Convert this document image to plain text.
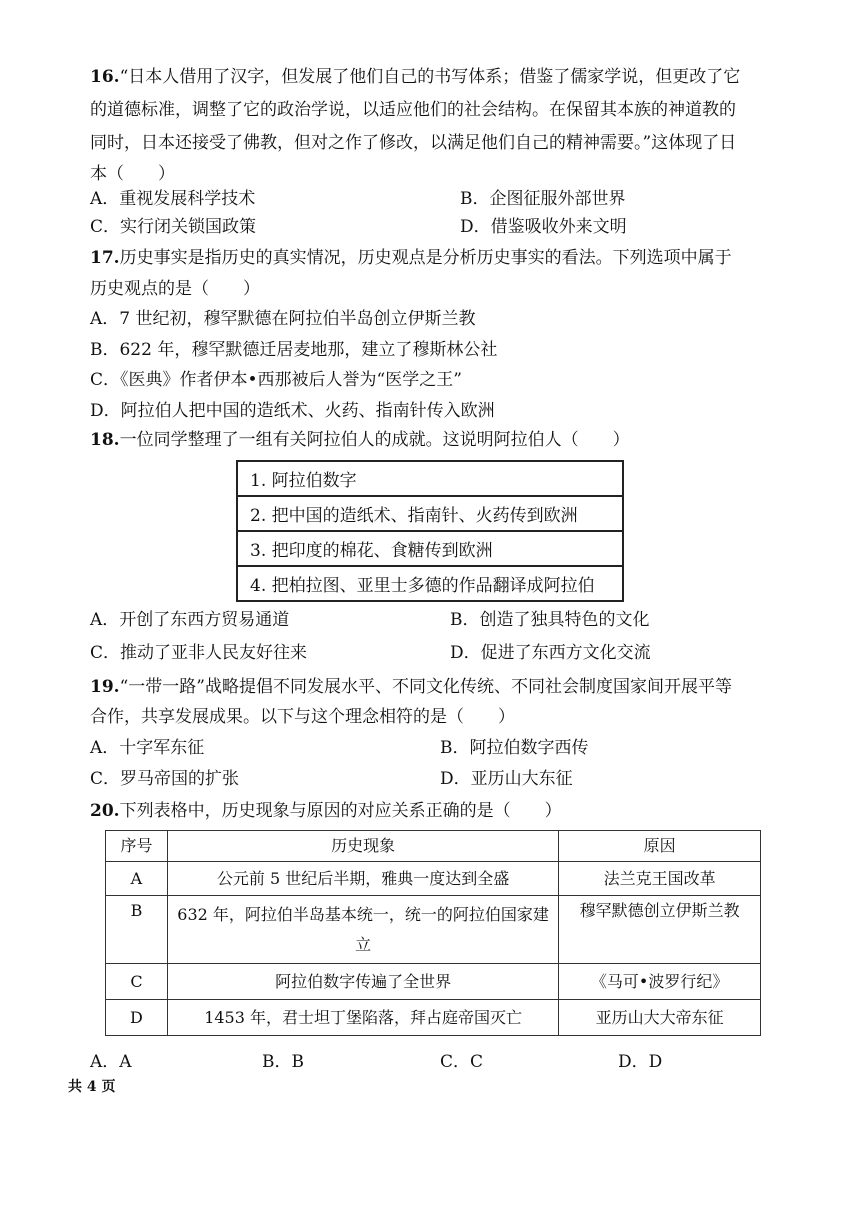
16.“日本人借用了汉字，但发展了他们自己的书写体系；借鉴了儒家学说，但更改了它
的道德标准，调整了它的政治学说，以适应他们的社会结构。在保留其本族的神道教的
同时，日本还接受了佛教，但对之作了修改，以满足他们自己的精神需要。”这体现了日
本（　　）
A．重视发展科学技术	B．企图征服外部世界
C．实行闭关锁国政策	D．借鉴吸收外来文明
17.历史事实是指历史的真实情况，历史观点是分析历史事实的看法。下列选项中属于
历史观点的是（　　）
A．7 世纪初，穆罕默德在阿拉伯半岛创立伊斯兰教
B．622 年，穆罕默德迁居麦地那，建立了穆斯林公社
C．《医典》作者伊本•西那被后人誉为“医学之王”
D．阿拉伯人把中国的造纸术、火药、指南针传入欧洲
18.一位同学整理了一组有关阿拉伯人的成就。这说明阿拉伯人（　　）
1. 阿拉伯数字
2. 把中国的造纸术、指南针、火药传到欧洲
3. 把印度的棉花、食糖传到欧洲
4. 把柏拉图、亚里士多德的作品翻译成阿拉伯
A．开创了东西方贸易通道	B．创造了独具特色的文化
C．推动了亚非人民友好往来	D．促进了东西方文化交流
19.“一带一路”战略提倡不同发展水平、不同文化传统、不同社会制度国家间开展平等
合作，共享发展成果。以下与这个理念相符的是（　　）
A．十字军东征	B．阿拉伯数字西传
C．罗马帝国的扩张	D．亚历山大东征
20.下列表格中，历史现象与原因的对应关系正确的是（　　）
序号	历史现象	原因
A	公元前 5 世纪后半期，雅典一度达到全盛	法兰克王国改革
B	632 年，阿拉伯半岛基本统一，统一的阿拉伯国家建立	穆罕默德创立伊斯兰教
C	阿拉伯数字传遍了全世界	《马可•波罗行纪》
D	1453 年，君士坦丁堡陷落，拜占庭帝国灭亡	亚历山大大帝东征
A．A	B．B	C．C	D．D
共 4 页
